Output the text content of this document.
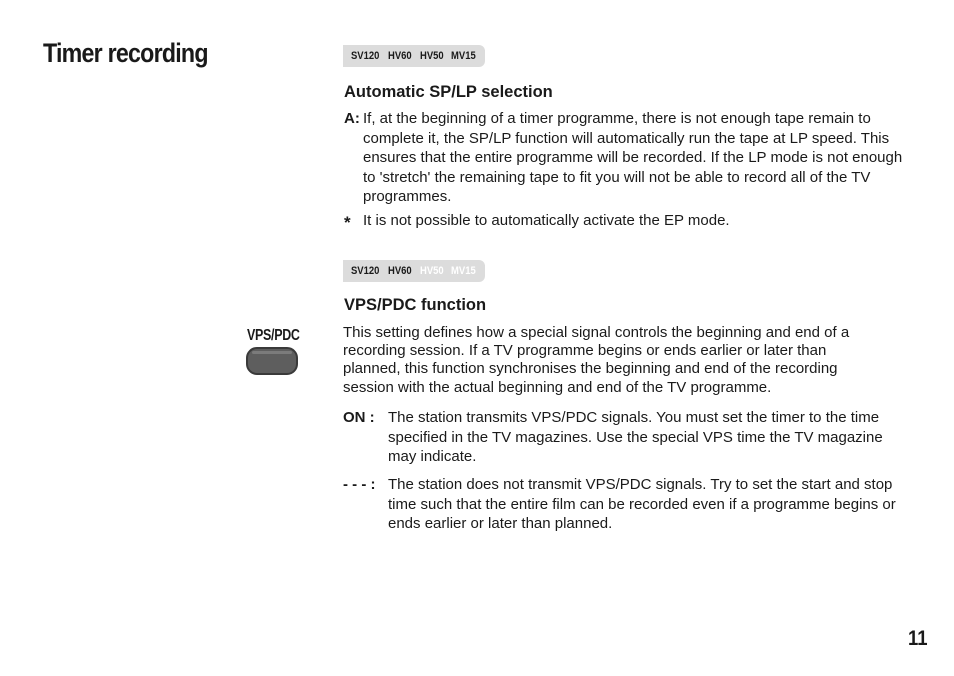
Timer recording	SV120 HV60 HV50 MV15
Automatic SP/LP selection
A: If, at the beginning of a timer programme, there is not enough tape remain to complete it, the SP/LP function will automatically run the tape at LP speed. This ensures that the entire programme will be recorded. If the LP mode is not enough to 'stretch' the remaining tape to fit you will not be able to record all of the TV programmes.
* It is not possible to automatically activate the EP mode.
SV120 HV60 HV50 MV15
VPS/PDC function
VPS/PDC	This setting defines how a special signal controls the beginning and end of a recording session. If a TV programme begins or ends earlier or later than planned, this function synchronises the beginning and end of the recording session with the actual beginning and end of the TV programme.
ON : The station transmits VPS/PDC signals. You must set the timer to the time specified in the TV magazines. Use the special VPS time the TV magazine may indicate.
- - - : The station does not transmit VPS/PDC signals. Try to set the start and stop time such that the entire film can be recorded even if a programme begins or ends earlier or later than planned.
11
